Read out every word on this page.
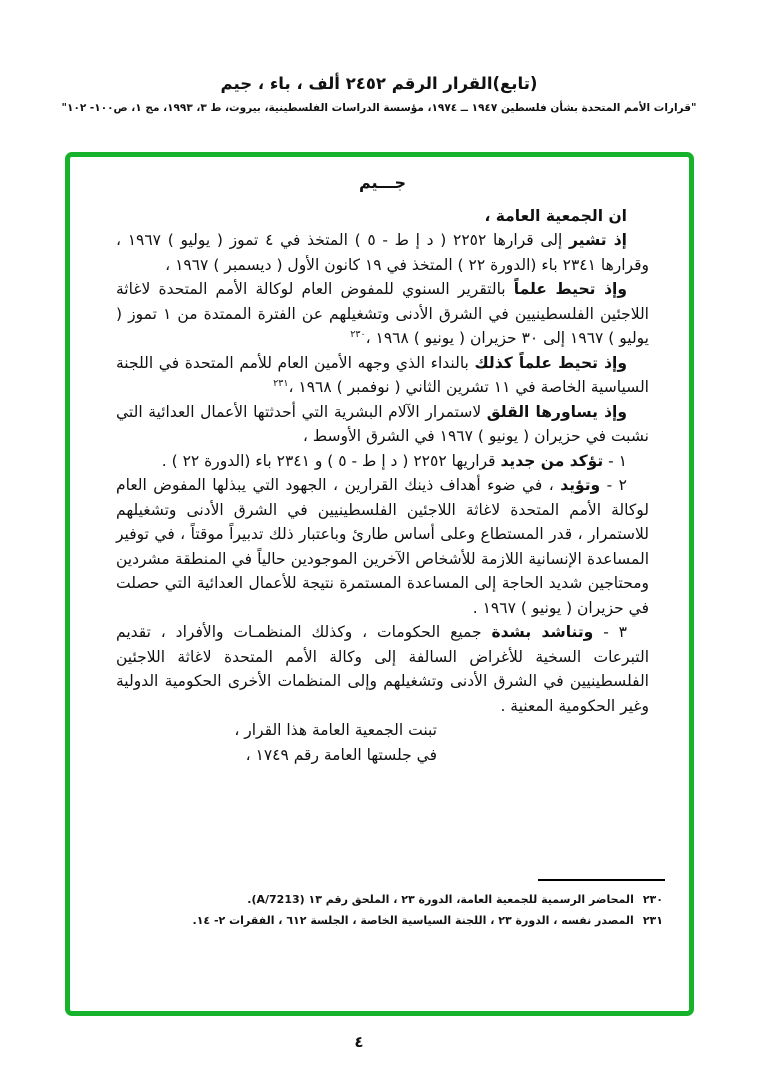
(تابع)القرار الرقم ٢٤٥٢ ألف ، باء ، جيم
"قرارات الأمم المتحدة بشأن فلسطين ١٩٤٧ ــ ١٩٧٤، مؤسسة الدراسات الفلسطينية، بيروت، ط ٣، ١٩٩٣، مج ١، ص١٠٠- ١٠٢"
جـــيم

ان الجمعية العامة ،

إذ تشير إلى قرارها ٢٢٥٢ ( د إ ط - ٥ ) المتخذ في ٤ تموز ( يوليو ) ١٩٦٧ ، وقرارها ٢٣٤١ باء (الدورة ٢٢ ) المتخذ في ١٩ كانون الأول ( ديسمبر ) ١٩٦٧ ،

وإذ تحيط علماً بالتقرير السنوي للمفوض العام لوكالة الأمم المتحدة لاغاثة اللاجئين الفلسطينيين في الشرق الأدنى وتشغيلهم عن الفترة الممتدة من ١ تموز ( يوليو ) ١٩٦٧ إلى ٣٠ حزيران ( يونيو ) ١٩٦٨ ،$^{٢٣٠}$

وإذ تحيط علماً كذلك بالنداء الذي وجهه الأمين العام للأمم المتحدة في اللجنة السياسية الخاصة في ١١ تشرين الثاني ( نوفمبر ) ١٩٦٨ ،$^{٢٣١}$

وإذ يساورها القلق لاستمرار الآلام البشرية التي أحدثتها الأعمال العدائية التي نشبت في حزيران ( يونيو ) ١٩٦٧ في الشرق الأوسط ،

١ - تؤكد من جديد قراريها ٢٢٥٢ ( د إ ط - ٥ ) و ٢٣٤١ باء (الدورة ٢٢ ) .

٢ - وتؤيد ، في ضوء أهداف ذينك القرارين ، الجهود التي يبذلها المفوض العام لوكالة الأمم المتحدة لاغاثة اللاجئين الفلسطينيين في الشرق الأدنى وتشغيلهم للاستمرار ، قدر المستطاع وعلى أساس طارئ وباعتبار ذلك تدبيراً موقتاً ، في توفير المساعدة الإنسانية اللازمة للأشخاص الآخرين الموجودين حالياً في المنطقة مشردين ومحتاجين شديد الحاجة إلى المساعدة المستمرة نتيجة للأعمال العدائية التي حصلت في حزيران ( يونيو ) ١٩٦٧ .

٣ - وتناشد بشدة جميع الحكومات ، وكذلك المنظمـات والأفراد ، تقديم التبرعات السخية للأغراض السالفة إلى وكالة الأمم المتحدة لاغاثة اللاجئين الفلسطينيين في الشرق الأدنى وتشغيلهم وإلى المنظمات الأخرى الحكومية الدولية وغير الحكومية المعنية .

تبنت الجمعية العامة هذا القرار ،

في جلستها العامة رقم ١٧٤٩ ،

٢٣٠
المحاضر الرسمية للجمعية العامة، الدورة ٢٣ ، الملحق رقم ١٣ (A/7213).
٢٣١
المصدر نفسه ، الدورة ٢٣ ، اللجنة السياسية الخاصة ، الجلسة ٦١٢ ، الفقرات ٢- ١٤.
٤
